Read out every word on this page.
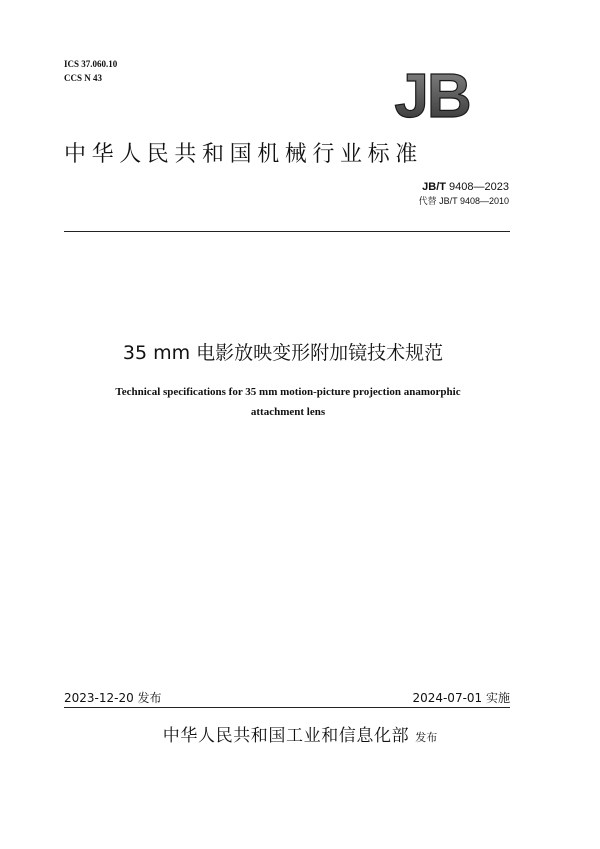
ICS 37.060.10
CCS N 43	JB
中华人民共和国机械行业标准
JB/T 9408—2023
代替 JB/T 9408—2010
35 mm 电影放映变形附加镜技术规范
Technical specifications for 35 mm motion-picture projection anamorphic
attachment lens
2023-12-20 发布	2024-07-01 实施
中华人民共和国工业和信息化部 发布
